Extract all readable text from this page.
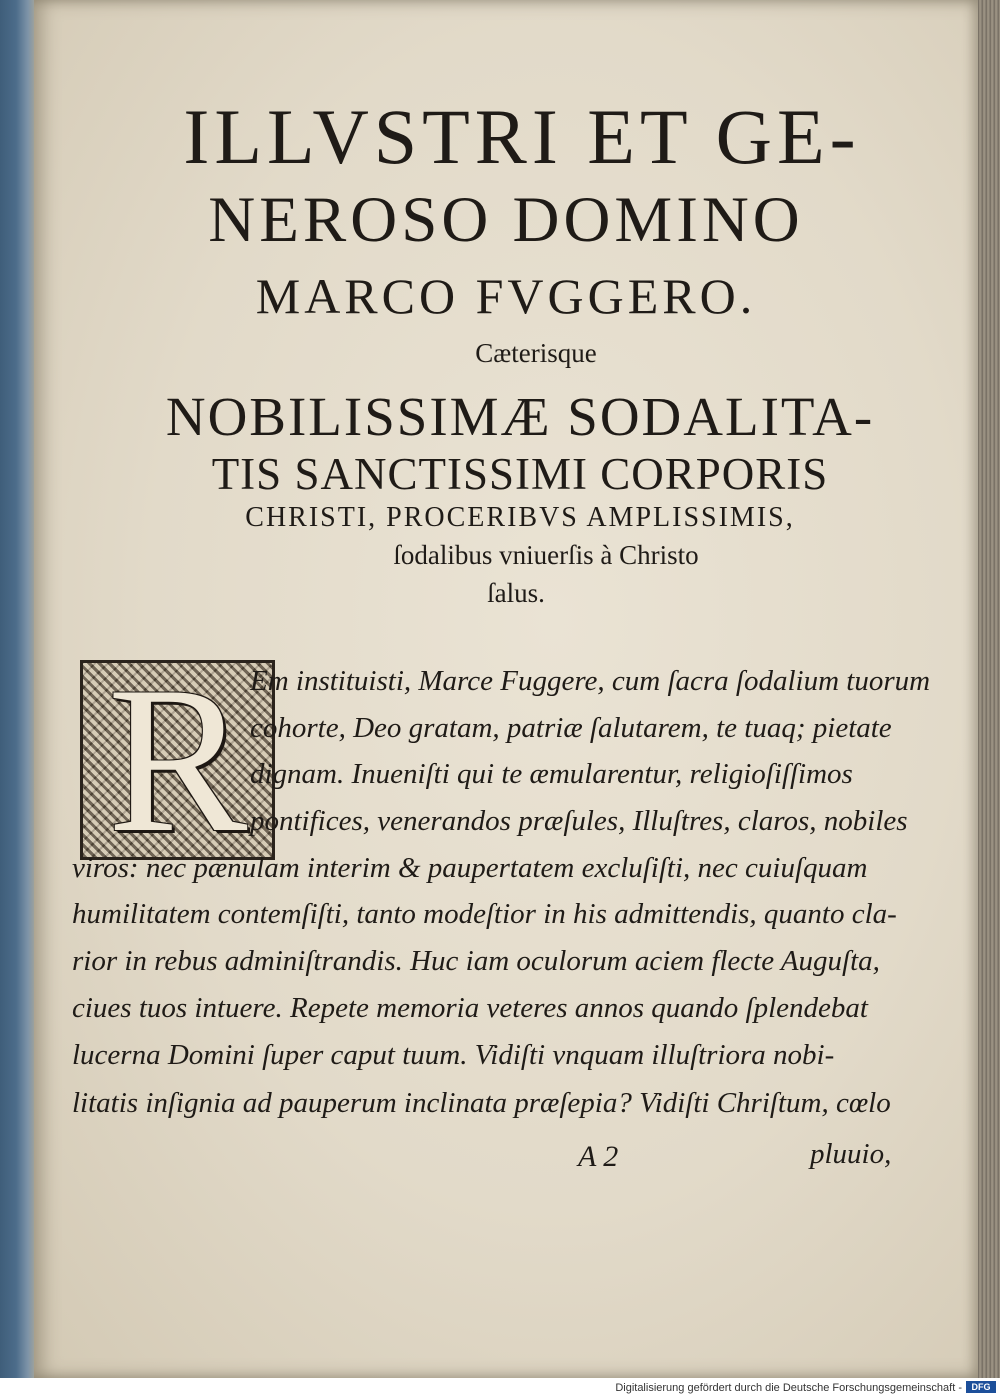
ILLVSTRI ET GE-

NEROSO DOMINO

MARCO FVGGERO.

Cæterisque

NOBILISSIMÆ SODALITA-

TIS SANCTISSIMI CORPORIS

CHRISTI, PROCERIBVS AMPLISSIMIS,

ſodalibus vniuerſis à Christo

ſalus.

R Em instituisti, Marce Fuggere, cum ſacra ſodalium tuorum
cohorte, Deo gratam, patriæ ſalutarem, te tuaq; pietate
dignam. Inueniſti qui te æmularentur, religioſiſſimos
pontifices, venerandos præſules, Illuſtres, claros, nobiles
viros: nec pænulam interim & paupertatem excluſiſti, nec cuiuſquam
humilitatem contemſiſti, tanto modeſtior in his admittendis, quanto cla-
rior in rebus adminiſtrandis. Huc iam oculorum aciem flecte Auguſta,
ciues tuos intuere. Repete memoria veteres annos quando ſplendebat
lucerna Domini ſuper caput tuum. Vidiſti vnquam illuſtriora nobi-
litatis inſignia ad pauperum inclinata præſepia? Vidiſti Chriſtum, cœlo
A 2	pluuio,
Digitalisierung gefördert durch die Deutsche Forschungsgemeinschaft -	DFG
